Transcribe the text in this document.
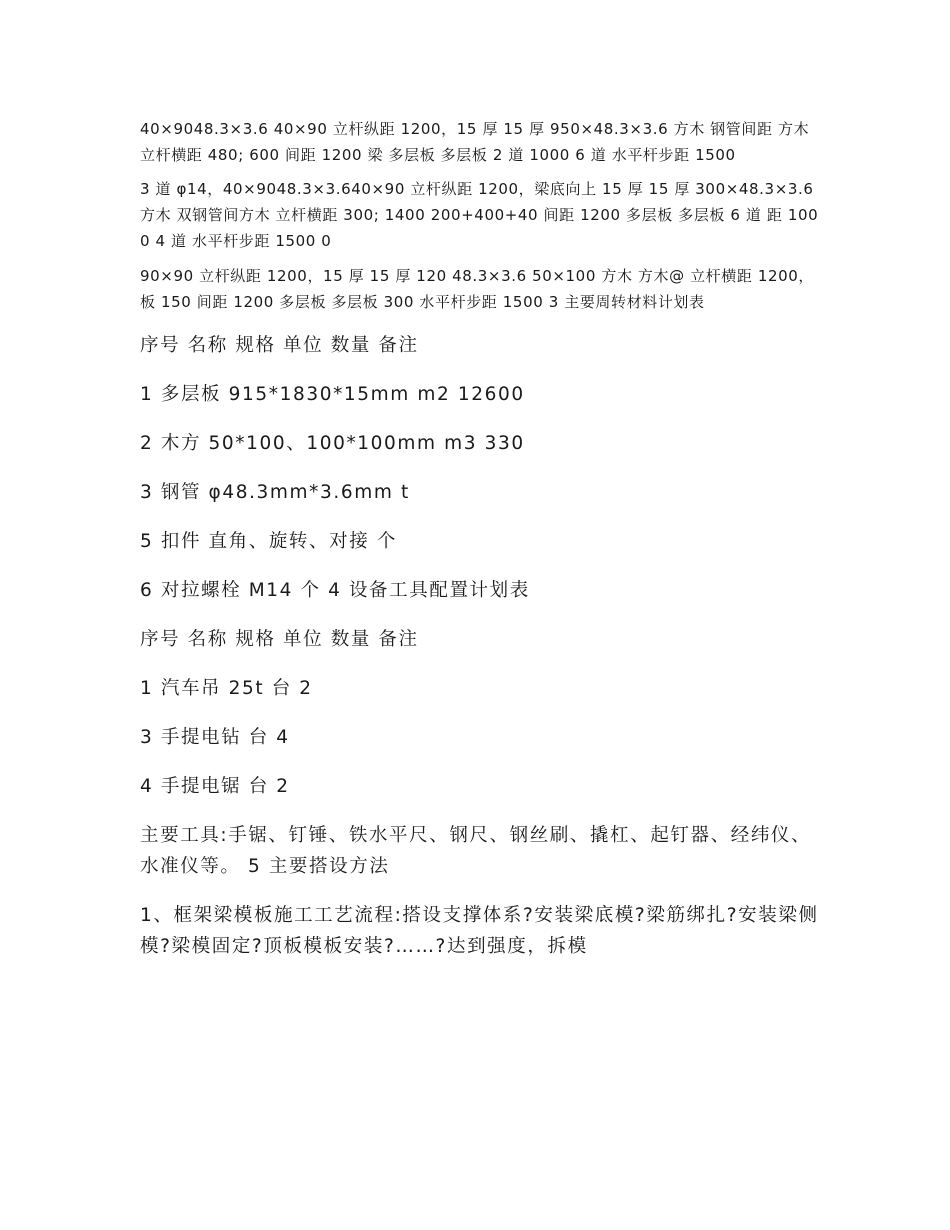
40×9048.3×3.6 40×90 立杆纵距 1200，15 厚 15 厚 950×48.3×3.6 方木 钢管间距 方木 立杆横距 480; 600 间距 1200 梁 多层板 多层板 2 道 1000 6 道 水平杆步距 1500

3 道 φ14，40×9048.3×3.640×90 立杆纵距 1200，梁底向上 15 厚 15 厚 300×48.3×3.6 方木 双钢管间方木 立杆横距 300; 1400 200+400+40 间距 1200 多层板 多层板 6 道 距 1000 4 道 水平杆步距 1500 0

90×90 立杆纵距 1200，15 厚 15 厚 120 48.3×3.6 50×100 方木 方木@ 立杆横距 1200， 板 150 间距 1200 多层板 多层板 300 水平杆步距 1500 3 主要周转材料计划表

序号 名称 规格 单位 数量 备注

1 多层板 915*1830*15mm m2 12600

2 木方 50*100、100*100mm m3 330

3 钢管 φ48.3mm*3.6mm t

5 扣件 直角、旋转、对接 个

6 对拉螺栓 M14 个 4 设备工具配置计划表

序号 名称 规格 单位 数量 备注

1 汽车吊 25t 台 2

3 手提电钻 台 4

4 手提电锯 台 2

主要工具:手锯、钉锤、铁水平尺、钢尺、钢丝刷、撬杠、起钉器、经纬仪、水准仪等。 5 主要搭设方法

1、框架梁模板施工工艺流程:搭设支撑体系?安装梁底模?梁筋绑扎?安装梁侧模?梁模固定?顶板模板安装?……?达到强度，拆模
